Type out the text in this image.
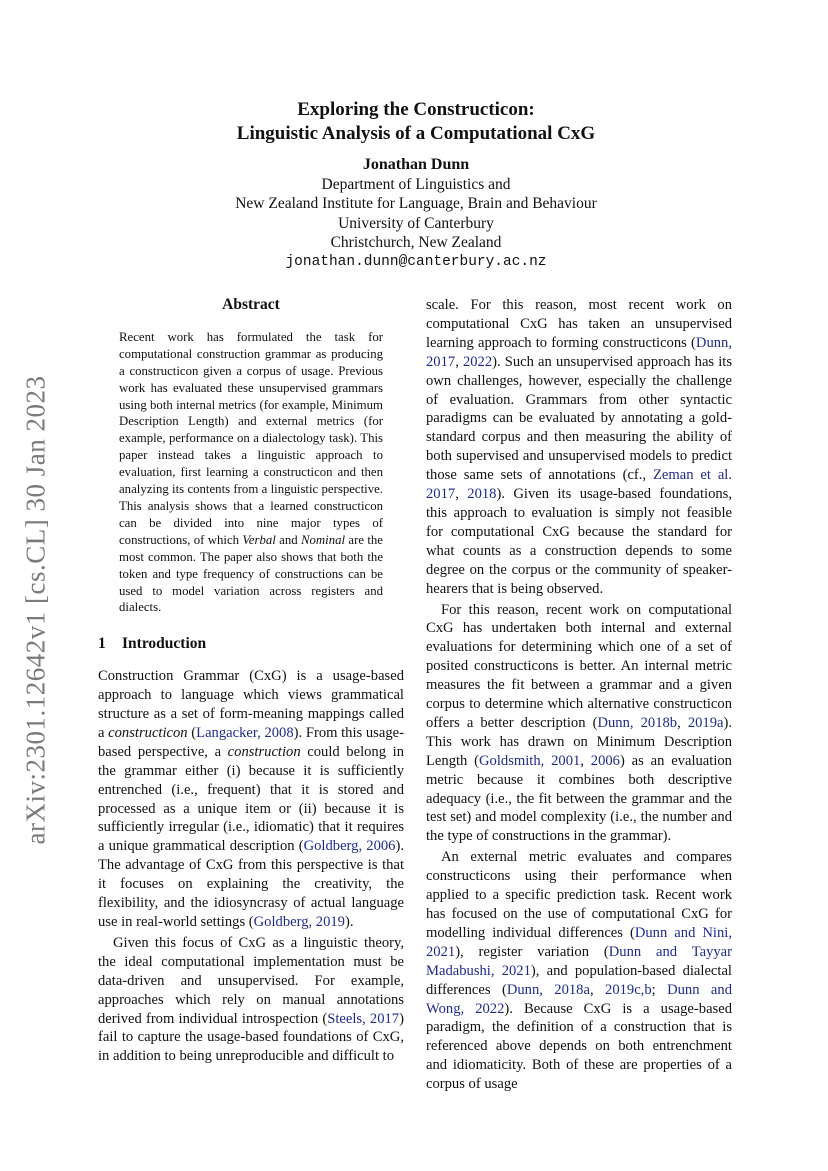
arXiv:2301.12642v1 [cs.CL] 30 Jan 2023
Exploring the Constructicon:
Linguistic Analysis of a Computational CxG
Jonathan Dunn
Department of Linguistics and
New Zealand Institute for Language, Brain and Behaviour
University of Canterbury
Christchurch, New Zealand
jonathan.dunn@canterbury.ac.nz
Abstract
Recent work has formulated the task for computational construction grammar as producing a constructicon given a corpus of usage. Previous work has evaluated these unsupervised grammars using both internal metrics (for example, Minimum Description Length) and external metrics (for example, performance on a dialectology task). This paper instead takes a linguistic approach to evaluation, first learning a constructicon and then analyzing its contents from a linguistic perspective. This analysis shows that a learned constructicon can be divided into nine major types of constructions, of which Verbal and Nominal are the most common. The paper also shows that both the token and type frequency of constructions can be used to model variation across registers and dialects.
1 Introduction

Construction Grammar (CxG) is a usage-based approach to language which views grammatical structure as a set of form-meaning mappings called a constructicon (Langacker, 2008). From this usage-based perspective, a construction could belong in the grammar either (i) because it is sufficiently entrenched (i.e., frequent) that it is stored and processed as a unique item or (ii) because it is sufficiently irregular (i.e., idiomatic) that it requires a unique grammatical description (Goldberg, 2006). The advantage of CxG from this perspective is that it focuses on explaining the creativity, the flexibility, and the idiosyncrasy of actual language use in real-world settings (Goldberg, 2019).

Given this focus of CxG as a linguistic theory, the ideal computational implementation must be data-driven and unsupervised. For example, approaches which rely on manual annotations derived from individual introspection (Steels, 2017) fail to capture the usage-based foundations of CxG, in addition to being unreproducible and difficult to

scale. For this reason, most recent work on computational CxG has taken an unsupervised learning approach to forming constructicons (Dunn, 2017, 2022). Such an unsupervised approach has its own challenges, however, especially the challenge of evaluation. Grammars from other syntactic paradigms can be evaluated by annotating a gold-standard corpus and then measuring the ability of both supervised and unsupervised models to predict those same sets of annotations (cf., Zeman et al. 2017, 2018). Given its usage-based foundations, this approach to evaluation is simply not feasible for computational CxG because the standard for what counts as a construction depends to some degree on the corpus or the community of speaker-hearers that is being observed.

For this reason, recent work on computational CxG has undertaken both internal and external evaluations for determining which one of a set of posited constructicons is better. An internal metric measures the fit between a grammar and a given corpus to determine which alternative constructicon offers a better description (Dunn, 2018b, 2019a). This work has drawn on Minimum Description Length (Goldsmith, 2001, 2006) as an evaluation metric because it combines both descriptive adequacy (i.e., the fit between the grammar and the test set) and model complexity (i.e., the number and the type of constructions in the grammar).

An external metric evaluates and compares constructicons using their performance when applied to a specific prediction task. Recent work has focused on the use of computational CxG for modelling individual differences (Dunn and Nini, 2021), register variation (Dunn and Tayyar Madabushi, 2021), and population-based dialectal differences (Dunn, 2018a, 2019c,b; Dunn and Wong, 2022). Because CxG is a usage-based paradigm, the definition of a construction that is referenced above depends on both entrenchment and idiomaticity. Both of these are properties of a corpus of usage
